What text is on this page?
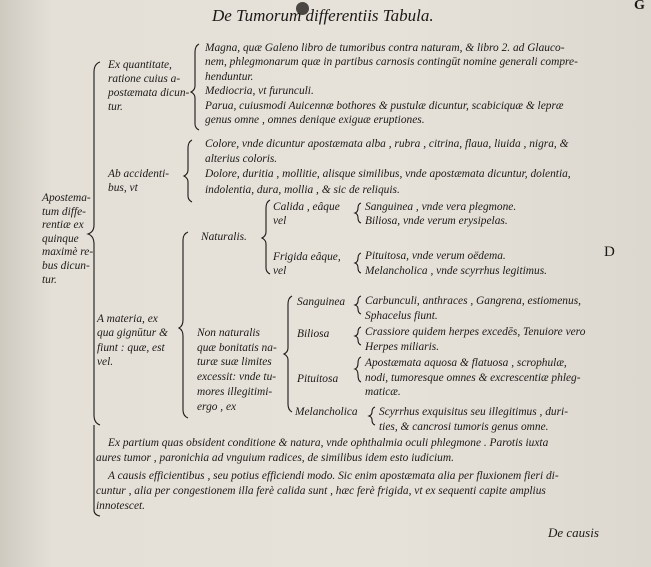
G
De Tumorum differentiis Tabula.
D
Apostema-
tum diffe-
rentiæ ex
quinque
maximè re-
bus dicun-
tur.
Ex quantitate,
ratione cuius a-
postæmata dicun-
tur.
Magna, quæ Galeno libro de tumoribus contra naturam, & libro 2. ad Glauco-
nem, phlegmonarum quæ in partibus carnosis contingūt nomine generali compre-
henduntur.
Mediocria, vt furunculi.
Parua, cuiusmodi Auicennæ bothores & pustulæ dicuntur, scabiciquæ & lepræ
genus omne , omnes denique exiguæ eruptiones.
Ab accidenti-
bus, vt
Colore, vnde dicuntur apostæmata alba , rubra , citrina, flaua, liuida , nigra, &
alterius coloris.
Dolore, duritia , mollitie, alisque similibus, vnde apostæmata dicuntur, dolentia,
indolentia, dura, mollia , & sic de reliquis.
A materia, ex
qua gignūtur &
fiunt : quæ, est
vel.
Naturalis.
Calida , eâque
vel
Sanguinea , vnde vera plegmone.
Biliosa, vnde verum erysipelas.
Frigida eâque,
vel
Pituitosa, vnde verum oëdema.
Melancholica , vnde scyrrhus legitimus.
Non naturalis
quæ bonitatis na-
turæ suæ limites
excessit: vnde tu-
mores illegitimi-
ergo , ex
Sanguinea Carbunculi, anthraces , Gangrena, estiomenus,
Sphacelus fiunt.
Biliosa	Crassiore quidem herpes excedēs, Tenuiore vero
Herpes miliaris.
Pituitosa
Apostæmata aquosa & flatuosa , scrophulæ,
nodi, tumoresque omnes & excrescentiæ phleg-
maticæ.
Melancholica Scyrrhus exquisitus seu illegitimus , duri-
ties, & cancrosi tumoris genus omne.
Ex partium quas obsident conditione & natura, vnde ophthalmia oculi phlegmone . Parotis iuxta
aures tumor , paronichia ad vnguium radices, de similibus idem esto iudicium.
A causis efficientibus , seu potius efficiendi modo. Sic enim apostæmata alia per fluxionem fieri di-
cuntur , alia per congestionem illa ferè calida sunt , hæc ferè frigida, vt ex sequenti capite amplius
innotescet.
De causis
